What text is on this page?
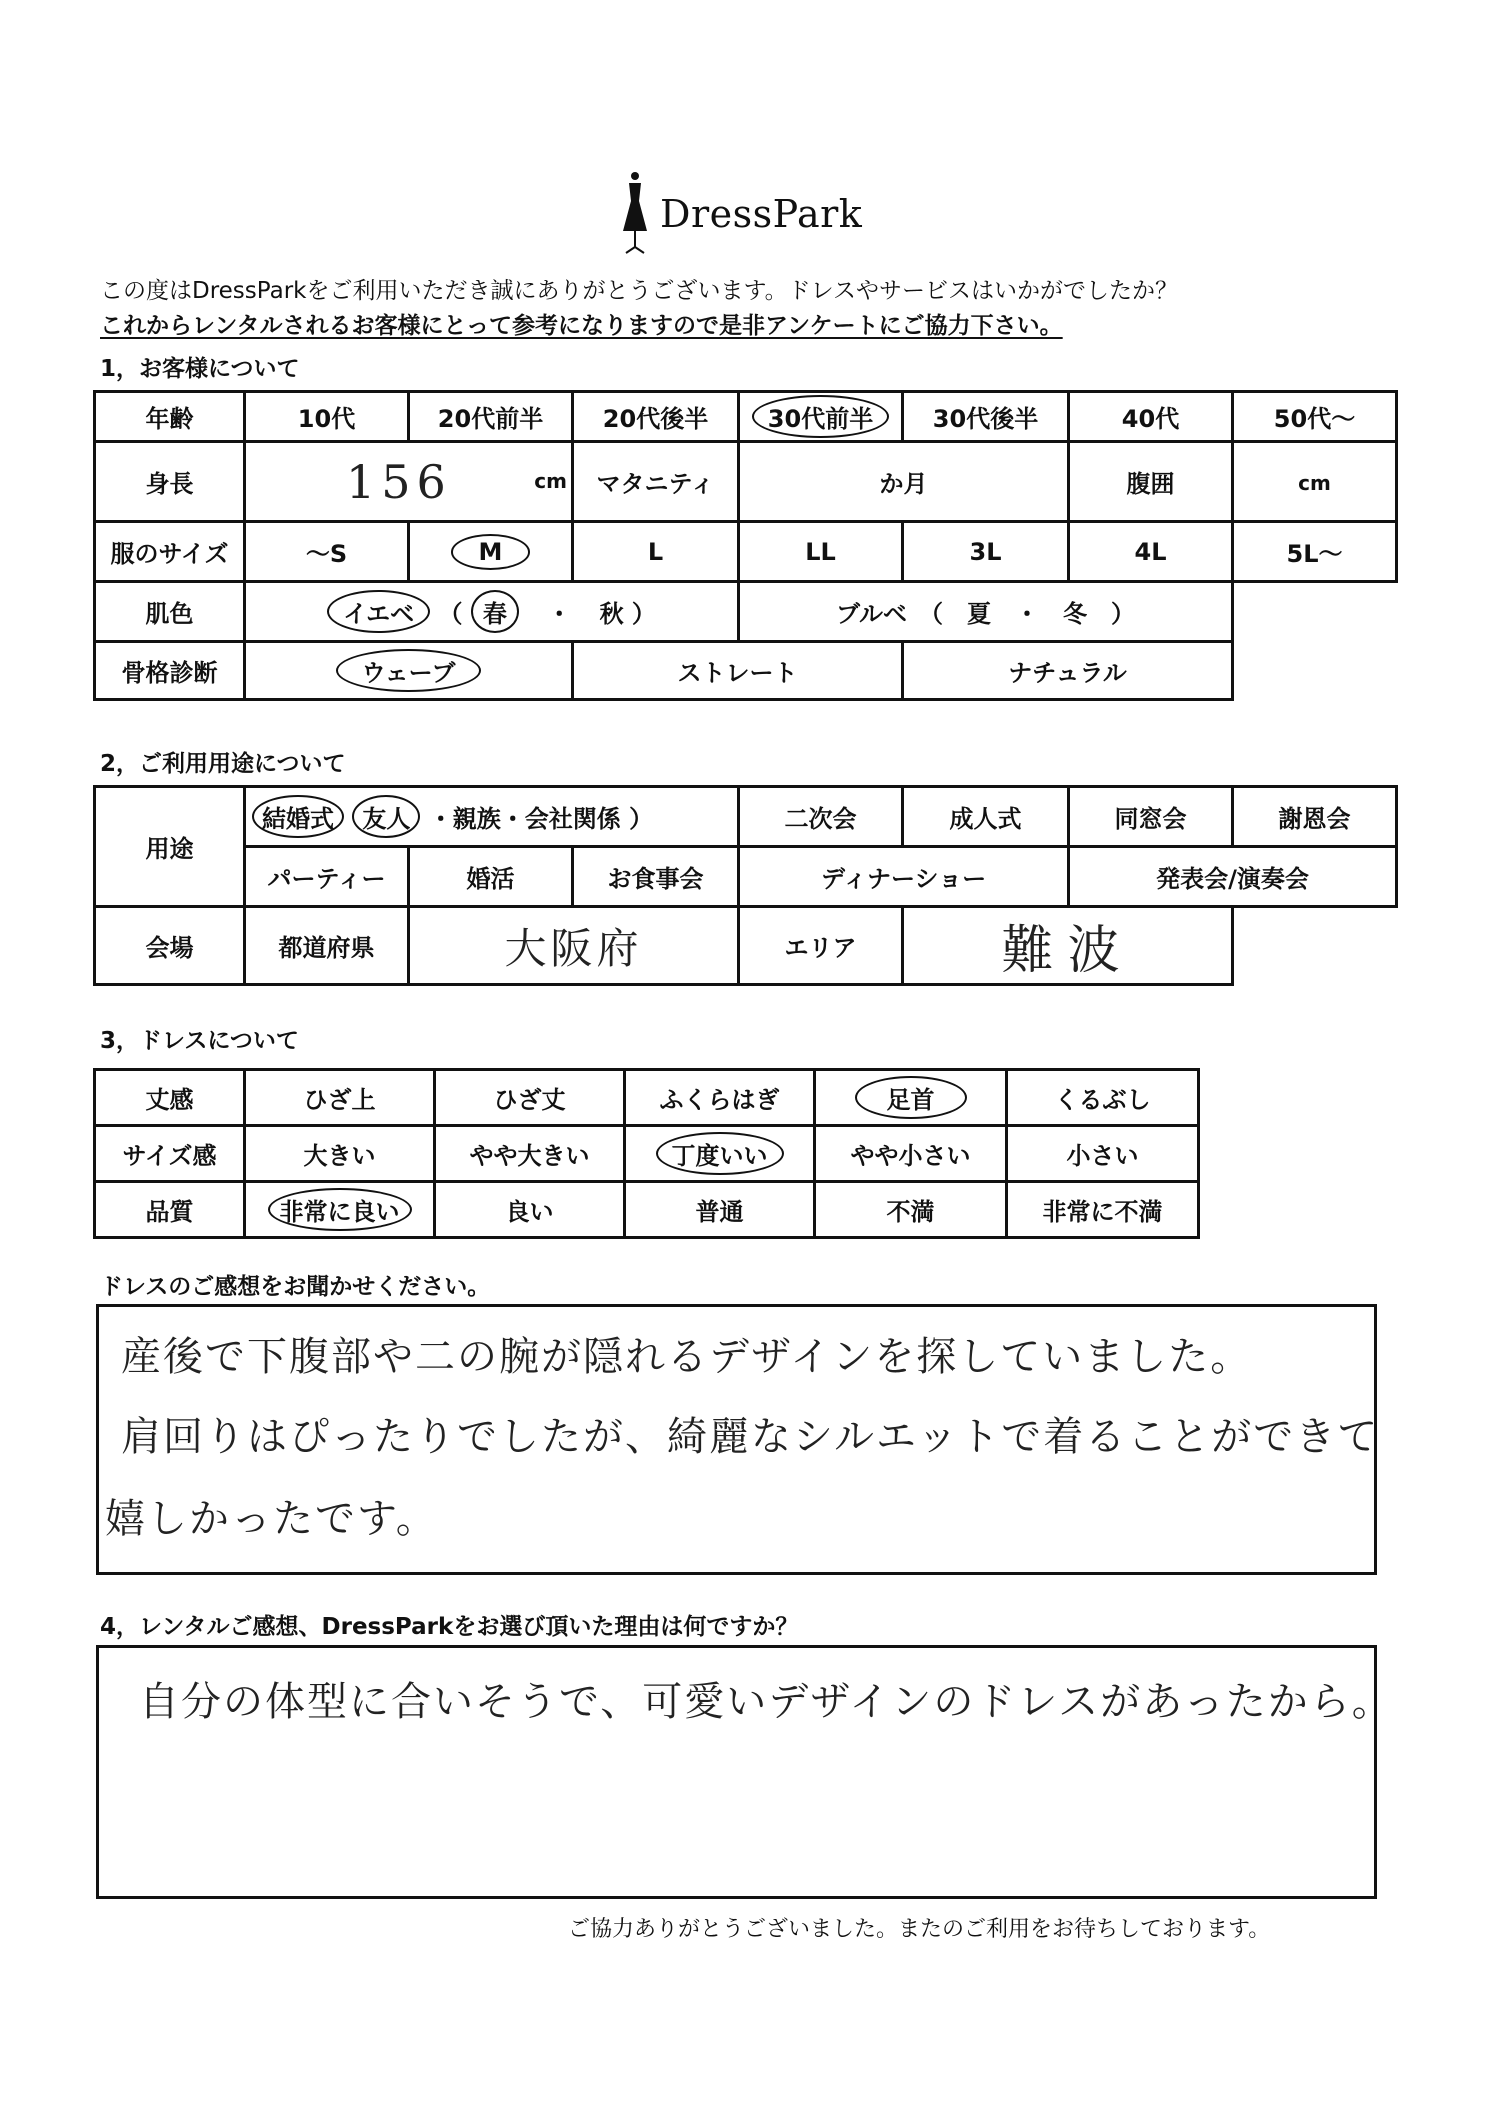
DressPark
この度はDressParkをご利用いただき誠にありがとうございます。ドレスやサービスはいかがでしたか？
これからレンタルされるお客様にとって参考になりますので是非アンケートにご協力下さい。
1，お客様について
年齢	10代	20代前半	20代後半	30代前半	30代後半	40代	50代～
身長	156 cm		マタニティ	か月		腹囲	cm
服のサイズ	～S	M	L	LL	3L	4L	5L～
肌色	イエベ （ 春 ・ 秋 ）			ブルベ　（　夏　・　冬　）			
骨格診断	ウェーブ		ストレート		ナチュラル		
2，ご利用用途について
用途	結婚式 友人 ・親族・会社関係 ）			二次会	成人式	同窓会	謝恩会
	パーティー	婚活	お食事会	ディナーショー		発表会/演奏会	
会場	都道府県	大阪府		エリア	難波		
3，ドレスについて
丈感	ひざ上	ひざ丈	ふくらはぎ	足首	くるぶし
サイズ感	大きい	やや大きい	丁度いい	やや小さい	小さい
品質	非常に良い	良い	普通	不満	非常に不満
ドレスのご感想をお聞かせください。
産後で下腹部や二の腕が隠れるデザインを探していました。
肩回りはぴったりでしたが、綺麗なシルエットで着ることができて
嬉しかったです。
4，レンタルご感想、DressParkをお選び頂いた理由は何ですか？
自分の体型に合いそうで、可愛いデザインのドレスがあったから。
ご協力ありがとうございました。またのご利用をお待ちしております。
